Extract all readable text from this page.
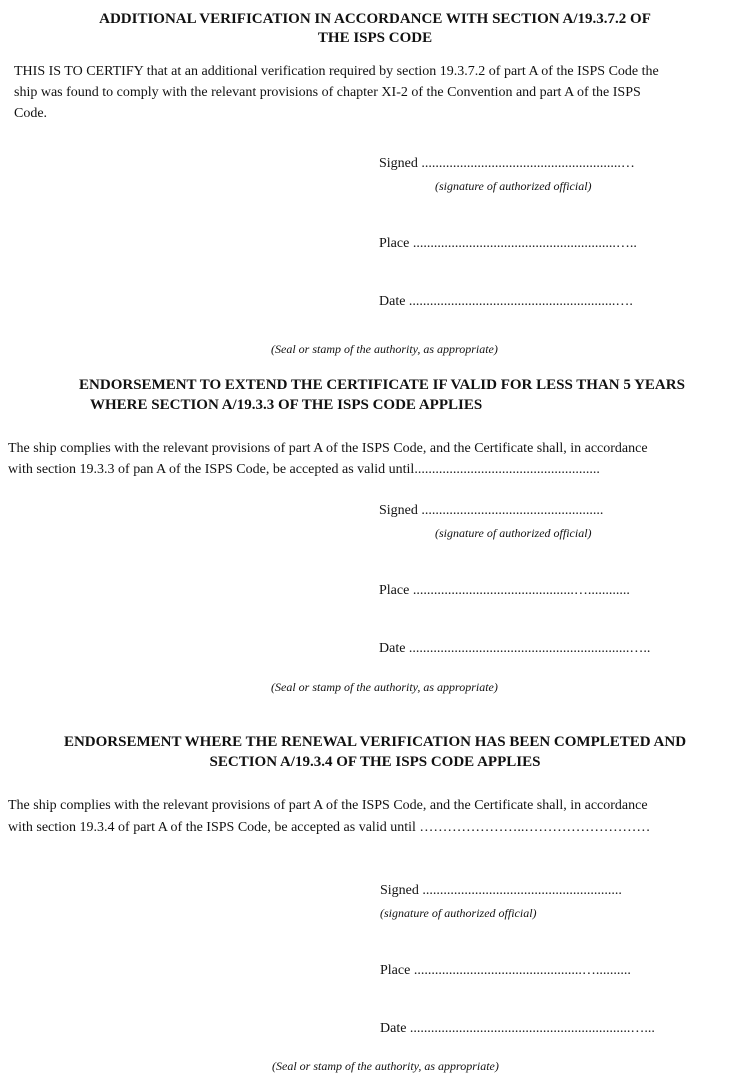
ADDITIONAL VERIFICATION IN ACCORDANCE WITH SECTION A/19.3.7.2 OF
THE ISPS CODE
THIS IS TO CERTIFY that at an additional verification required by section 19.3.7.2 of part A of the ISPS Code the
ship was found to comply with the relevant provisions of chapter XI-2 of the Convention and part A of the ISPS
Code.
Signed .........................................................…
(signature of authorized official)
Place ..........................................................…..
Date ...........................................................….
(Seal or stamp of the authority, as appropriate)
ENDORSEMENT TO EXTEND THE CERTIFICATE IF VALID FOR LESS THAN 5 YEARS
WHERE SECTION A/19.3.3 OF THE ISPS CODE APPLIES
The ship complies with the relevant provisions of part A of the ISPS Code, and the Certificate shall, in accordance
with section 19.3.3 of pan A of the ISPS Code, be accepted as valid until.....................................................
Signed ....................................................
(signature of authorized official)
Place ..............................................…............
Date ...............................................................…..
(Seal or stamp of the authority, as appropriate)
ENDORSEMENT WHERE THE RENEWAL VERIFICATION HAS BEEN COMPLETED AND
SECTION A/19.3.4 OF THE ISPS CODE APPLIES
The ship complies with the relevant provisions of part A of the ISPS Code, and the Certificate shall, in accordance
with section 19.3.4 of part A of the ISPS Code, be accepted as valid until …………………..………………………
Signed .........................................................
(signature of authorized official)
Place ................................................…..........
Date ...............................................................…...
(Seal or stamp of the authority, as appropriate)
